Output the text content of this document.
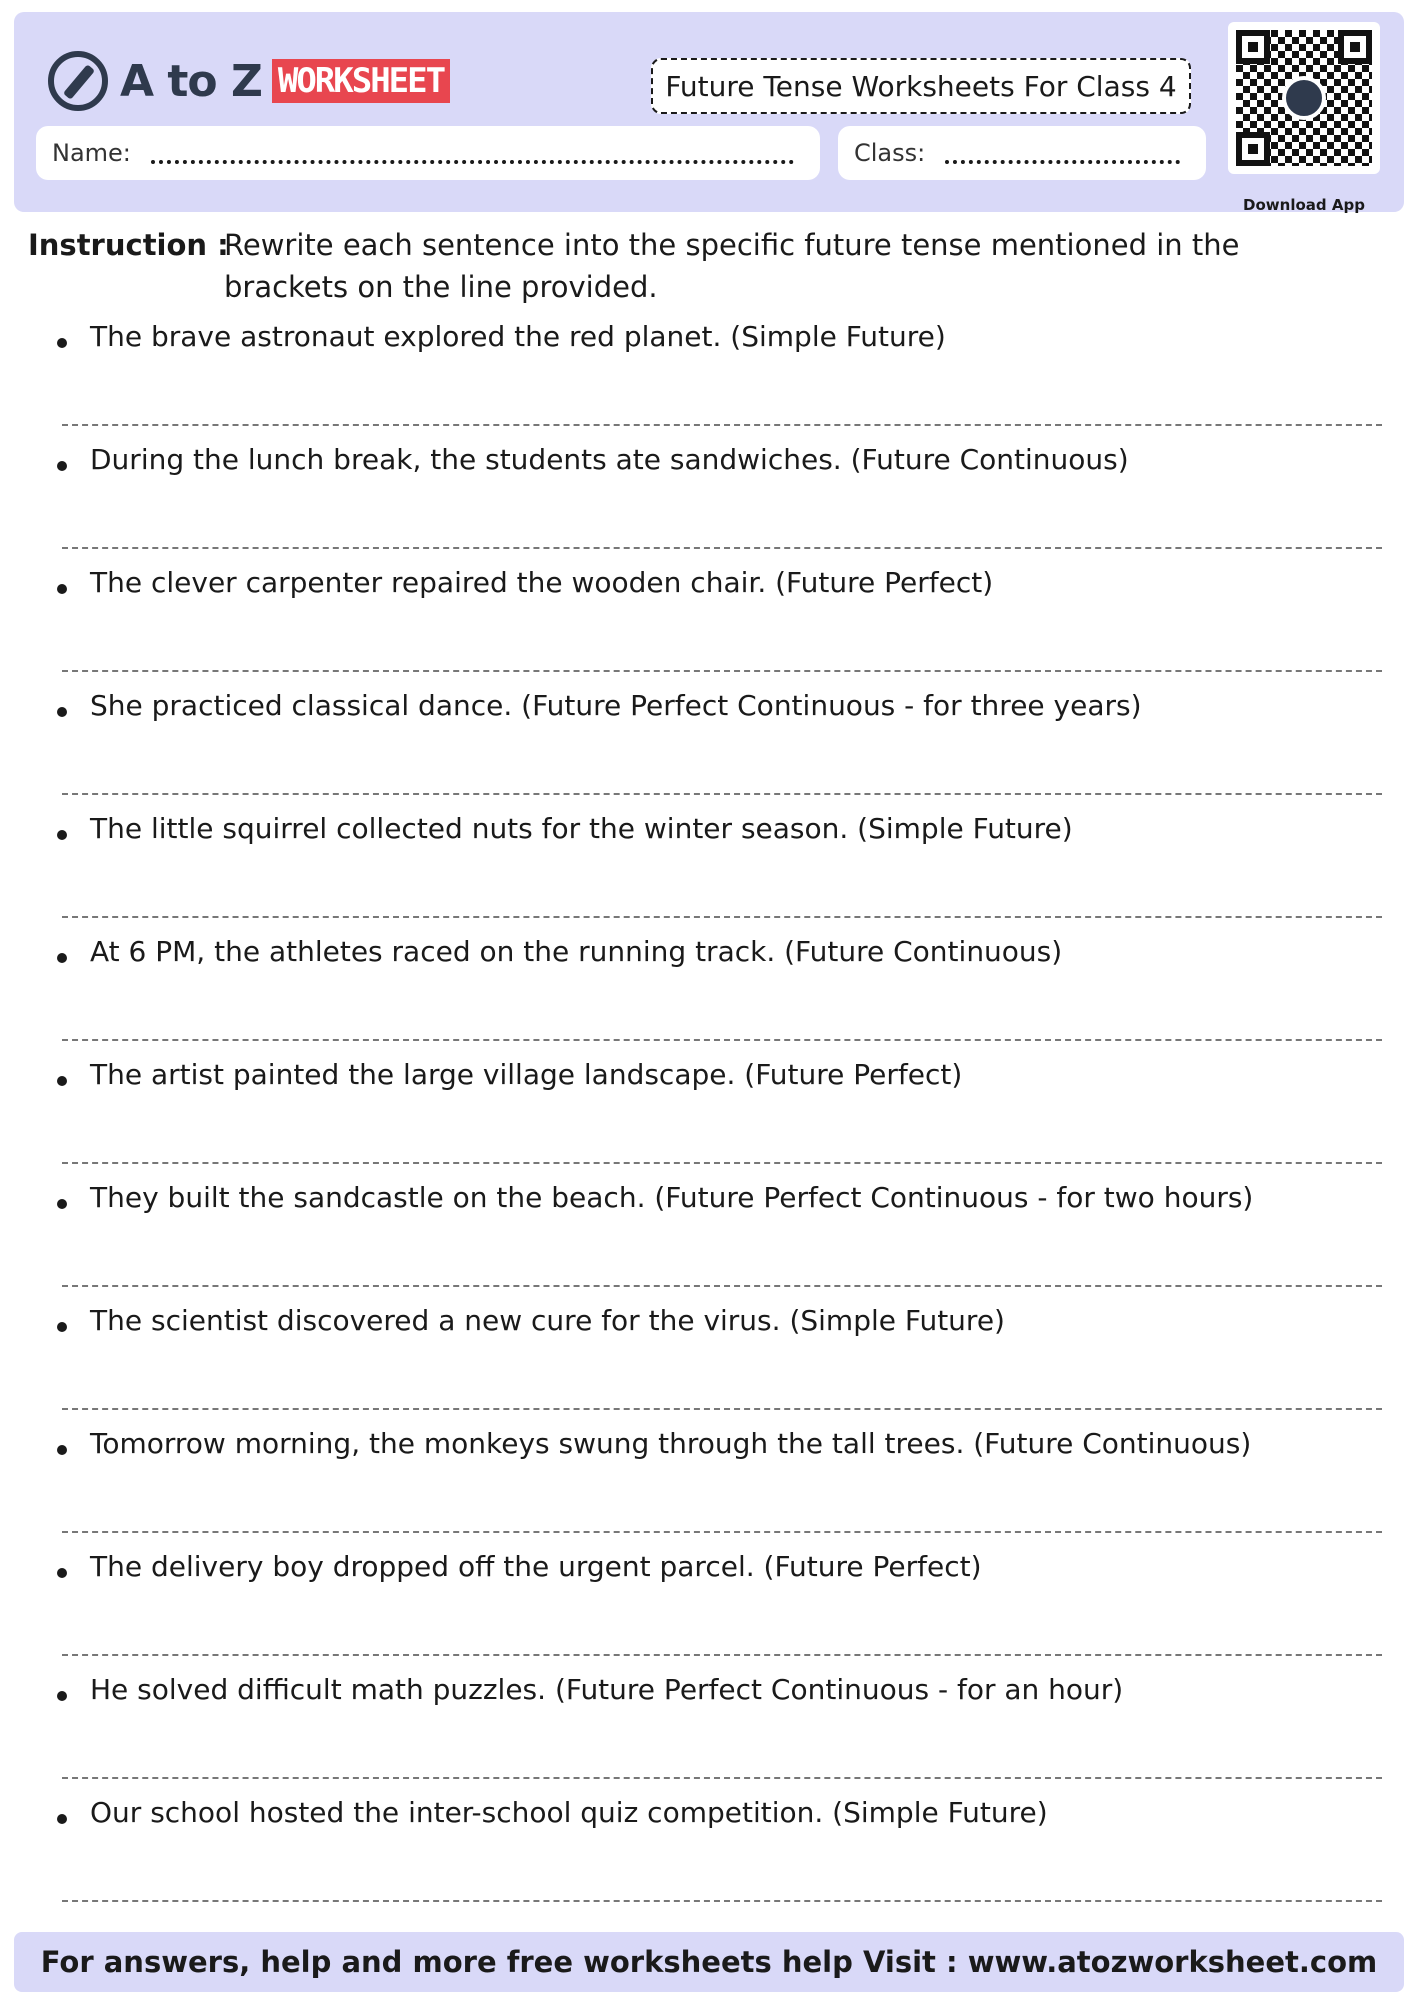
A to Z WORKSHEET	Future Tense Worksheets For Class 4
Name:	Class:
Download App
Instruction :
Rewrite each sentence into the specific future tense mentioned in the brackets on the line provided.
The brave astronaut explored the red planet. (Simple Future)
During the lunch break, the students ate sandwiches. (Future Continuous)
The clever carpenter repaired the wooden chair. (Future Perfect)
She practiced classical dance. (Future Perfect Continuous - for three years)
The little squirrel collected nuts for the winter season. (Simple Future)
At 6 PM, the athletes raced on the running track. (Future Continuous)
The artist painted the large village landscape. (Future Perfect)
They built the sandcastle on the beach. (Future Perfect Continuous - for two hours)
The scientist discovered a new cure for the virus. (Simple Future)
Tomorrow morning, the monkeys swung through the tall trees. (Future Continuous)
The delivery boy dropped off the urgent parcel. (Future Perfect)
He solved difficult math puzzles. (Future Perfect Continuous - for an hour)
Our school hosted the inter-school quiz competition. (Simple Future)
For answers, help and more free worksheets help Visit : www.atozworksheet.com
